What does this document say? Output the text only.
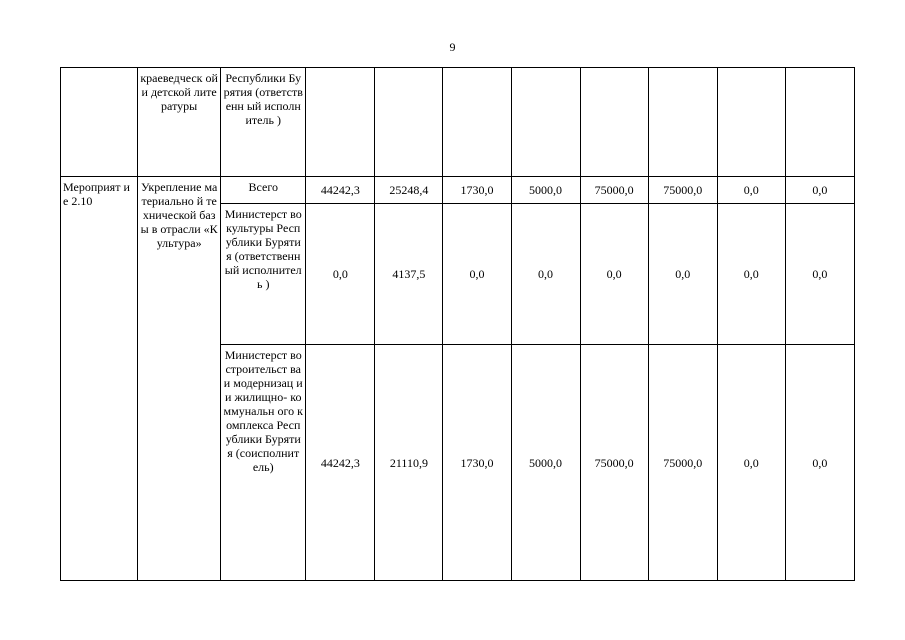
9
	краеведческ ой и детской литературы	Республики Бурятия (ответственн ый исполнитель )								
Мероприят ие 2.10	Укрепление материально й технической базы в отрасли «Культура»	Всего	44242,3	25248,4	1730,0	5000,0	75000,0	75000,0	0,0	0,0
		Министерст во культуры Республики Бурятия (ответственн ый исполнитель )	0,0	4137,5	0,0	0,0	0,0	0,0	0,0	0,0
		Министерст во строительст ва и модернизац ии жилищно- коммунальн ого комплекса Республики Бурятия (соисполнит ель)	44242,3	21110,9	1730,0	5000,0	75000,0	75000,0	0,0	0,0
